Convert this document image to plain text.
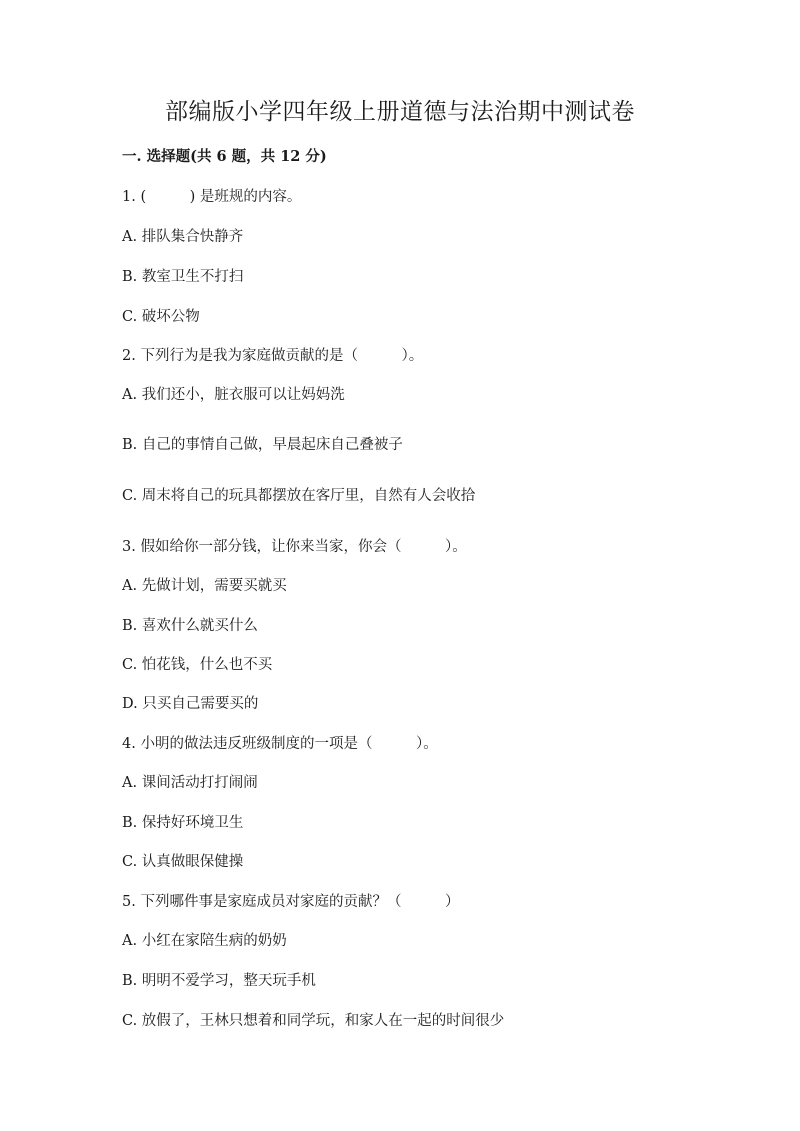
部编版小学四年级上册道德与法治期中测试卷

一. 选择题(共 6 题，共 12 分)

1. (　　　) 是班规的内容。

A. 排队集合快静齐

B. 教室卫生不打扫

C. 破坏公物

2. 下列行为是我为家庭做贡献的是（　　　）。

A. 我们还小，脏衣服可以让妈妈洗

B. 自己的事情自己做，早晨起床自己叠被子

C. 周末将自己的玩具都摆放在客厅里，自然有人会收拾

3. 假如给你一部分钱，让你来当家，你会（　　　）。

A. 先做计划，需要买就买

B. 喜欢什么就买什么

C. 怕花钱，什么也不买

D. 只买自己需要买的

4. 小明的做法违反班级制度的一项是（　　　）。

A. 课间活动打打闹闹

B. 保持好环境卫生

C. 认真做眼保健操

5. 下列哪件事是家庭成员对家庭的贡献？（　　　）

A. 小红在家陪生病的奶奶

B. 明明不爱学习，整天玩手机

C. 放假了，王林只想着和同学玩，和家人在一起的时间很少
